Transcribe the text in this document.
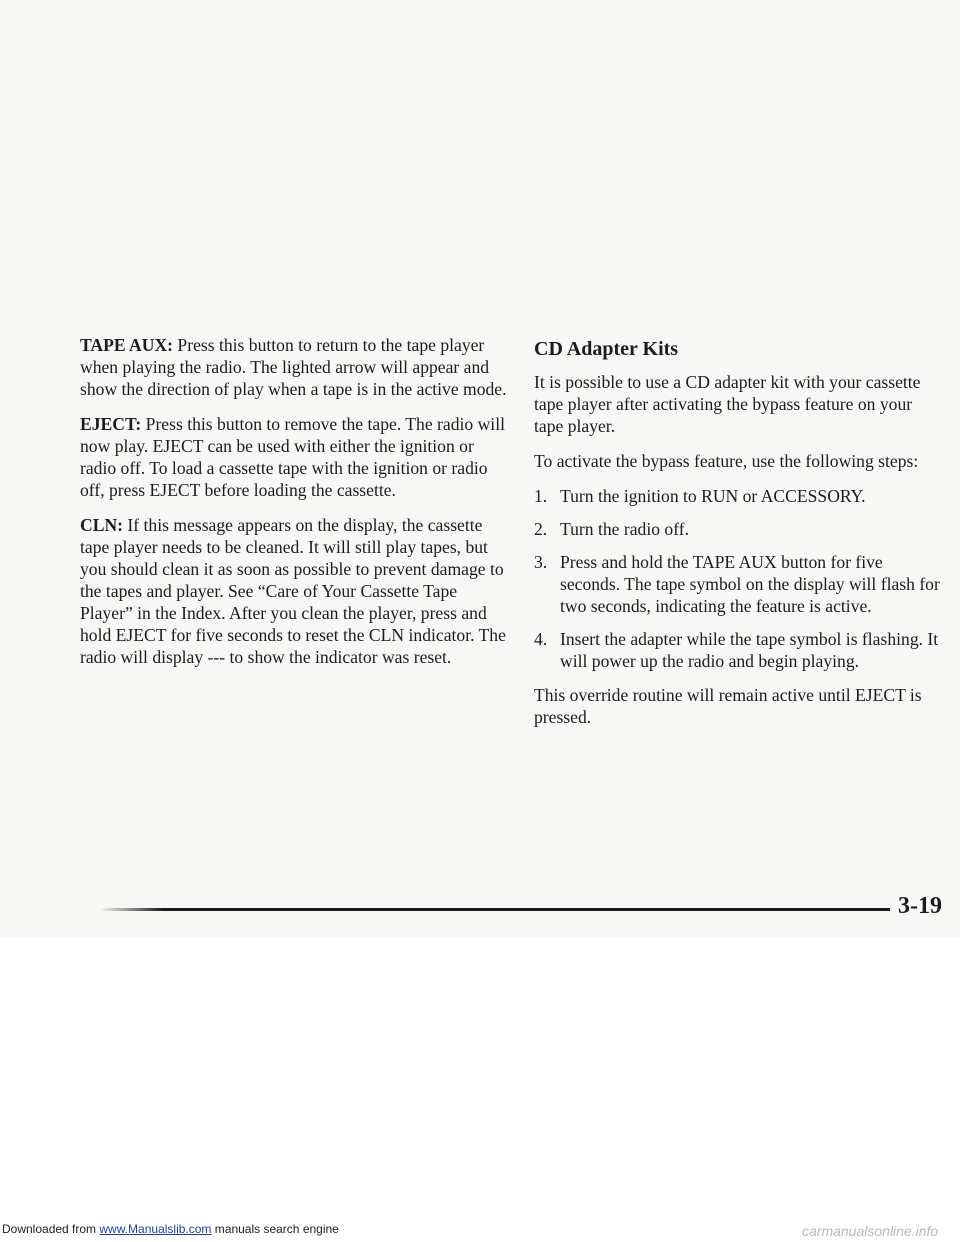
TAPE AUX: Press this button to return to the tape player when playing the radio. The lighted arrow will appear and show the direction of play when a tape is in the active mode.

EJECT: Press this button to remove the tape. The radio will now play. EJECT can be used with either the ignition or radio off. To load a cassette tape with the ignition or radio off, press EJECT before loading the cassette.

CLN: If this message appears on the display, the cassette tape player needs to be cleaned. It will still play tapes, but you should clean it as soon as possible to prevent damage to the tapes and player. See “Care of Your Cassette Tape Player” in the Index. After you clean the player, press and hold EJECT for five seconds to reset the CLN indicator. The radio will display --- to show the indicator was reset.

CD Adapter Kits

It is possible to use a CD adapter kit with your cassette tape player after activating the bypass feature on your tape player.

To activate the bypass feature, use the following steps:

1. Turn the ignition to RUN or ACCESSORY.
2. Turn the radio off.
3. Press and hold the TAPE AUX button for five seconds. The tape symbol on the display will flash for two seconds, indicating the feature is active.
4. Insert the adapter while the tape symbol is flashing. It will power up the radio and begin playing.

This override routine will remain active until EJECT is pressed.

3-19
Downloaded from www.Manualslib.com manuals search engine	carmanualsonline.info
